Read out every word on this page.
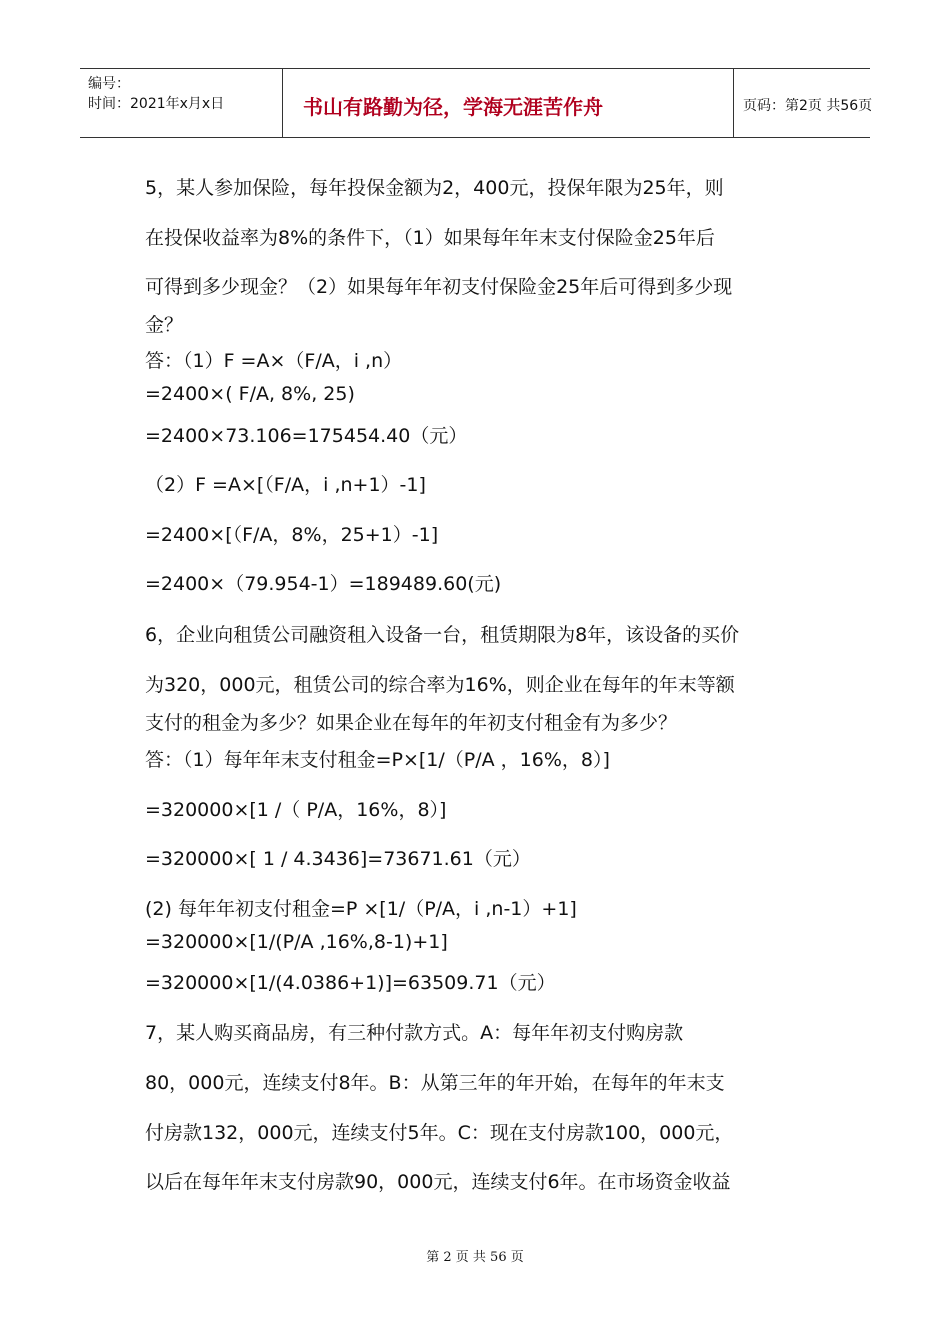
编号：
时间：2021年x月x日	书山有路勤为径，学海无涯苦作舟	页码：第2页 共56页
5，某人参加保险，每年投保金额为2，400元，投保年限为25年，则
在投保收益率为8%的条件下，（1）如果每年年末支付保险金25年后
可得到多少现金？（2）如果每年年初支付保险金25年后可得到多少现
金？
答：（1）F =A×（F/A，i ,n）
=2400×( F/A, 8%, 25)
=2400×73.106=175454.40（元）
（2）F =A×[（F/A，i ,n+1）-1]
=2400×[（F/A，8%，25+1）-1]
=2400×（79.954-1）=189489.60(元)
6，企业向租赁公司融资租入设备一台，租赁期限为8年，该设备的买价
为320，000元，租赁公司的综合率为16%，则企业在每年的年末等额
支付的租金为多少？如果企业在每年的年初支付租金有为多少？
答：（1）每年年末支付租金=P×[1/（P/A ，16%，8）]
=320000×[1 /（ P/A，16%，8）]
=320000×[ 1 / 4.3436]=73671.61（元）
(2) 每年年初支付租金=P ×[1/（P/A，i ,n-1）+1]
=320000×[1/(P/A ,16%,8-1)+1]
=320000×[1/(4.0386+1)]=63509.71（元）
7，某人购买商品房，有三种付款方式。A：每年年初支付购房款
80，000元，连续支付8年。B：从第三年的年开始，在每年的年末支
付房款132，000元，连续支付5年。C：现在支付房款100，000元，
以后在每年年末支付房款90，000元，连续支付6年。在市场资金收益
第 2 页 共 56 页
